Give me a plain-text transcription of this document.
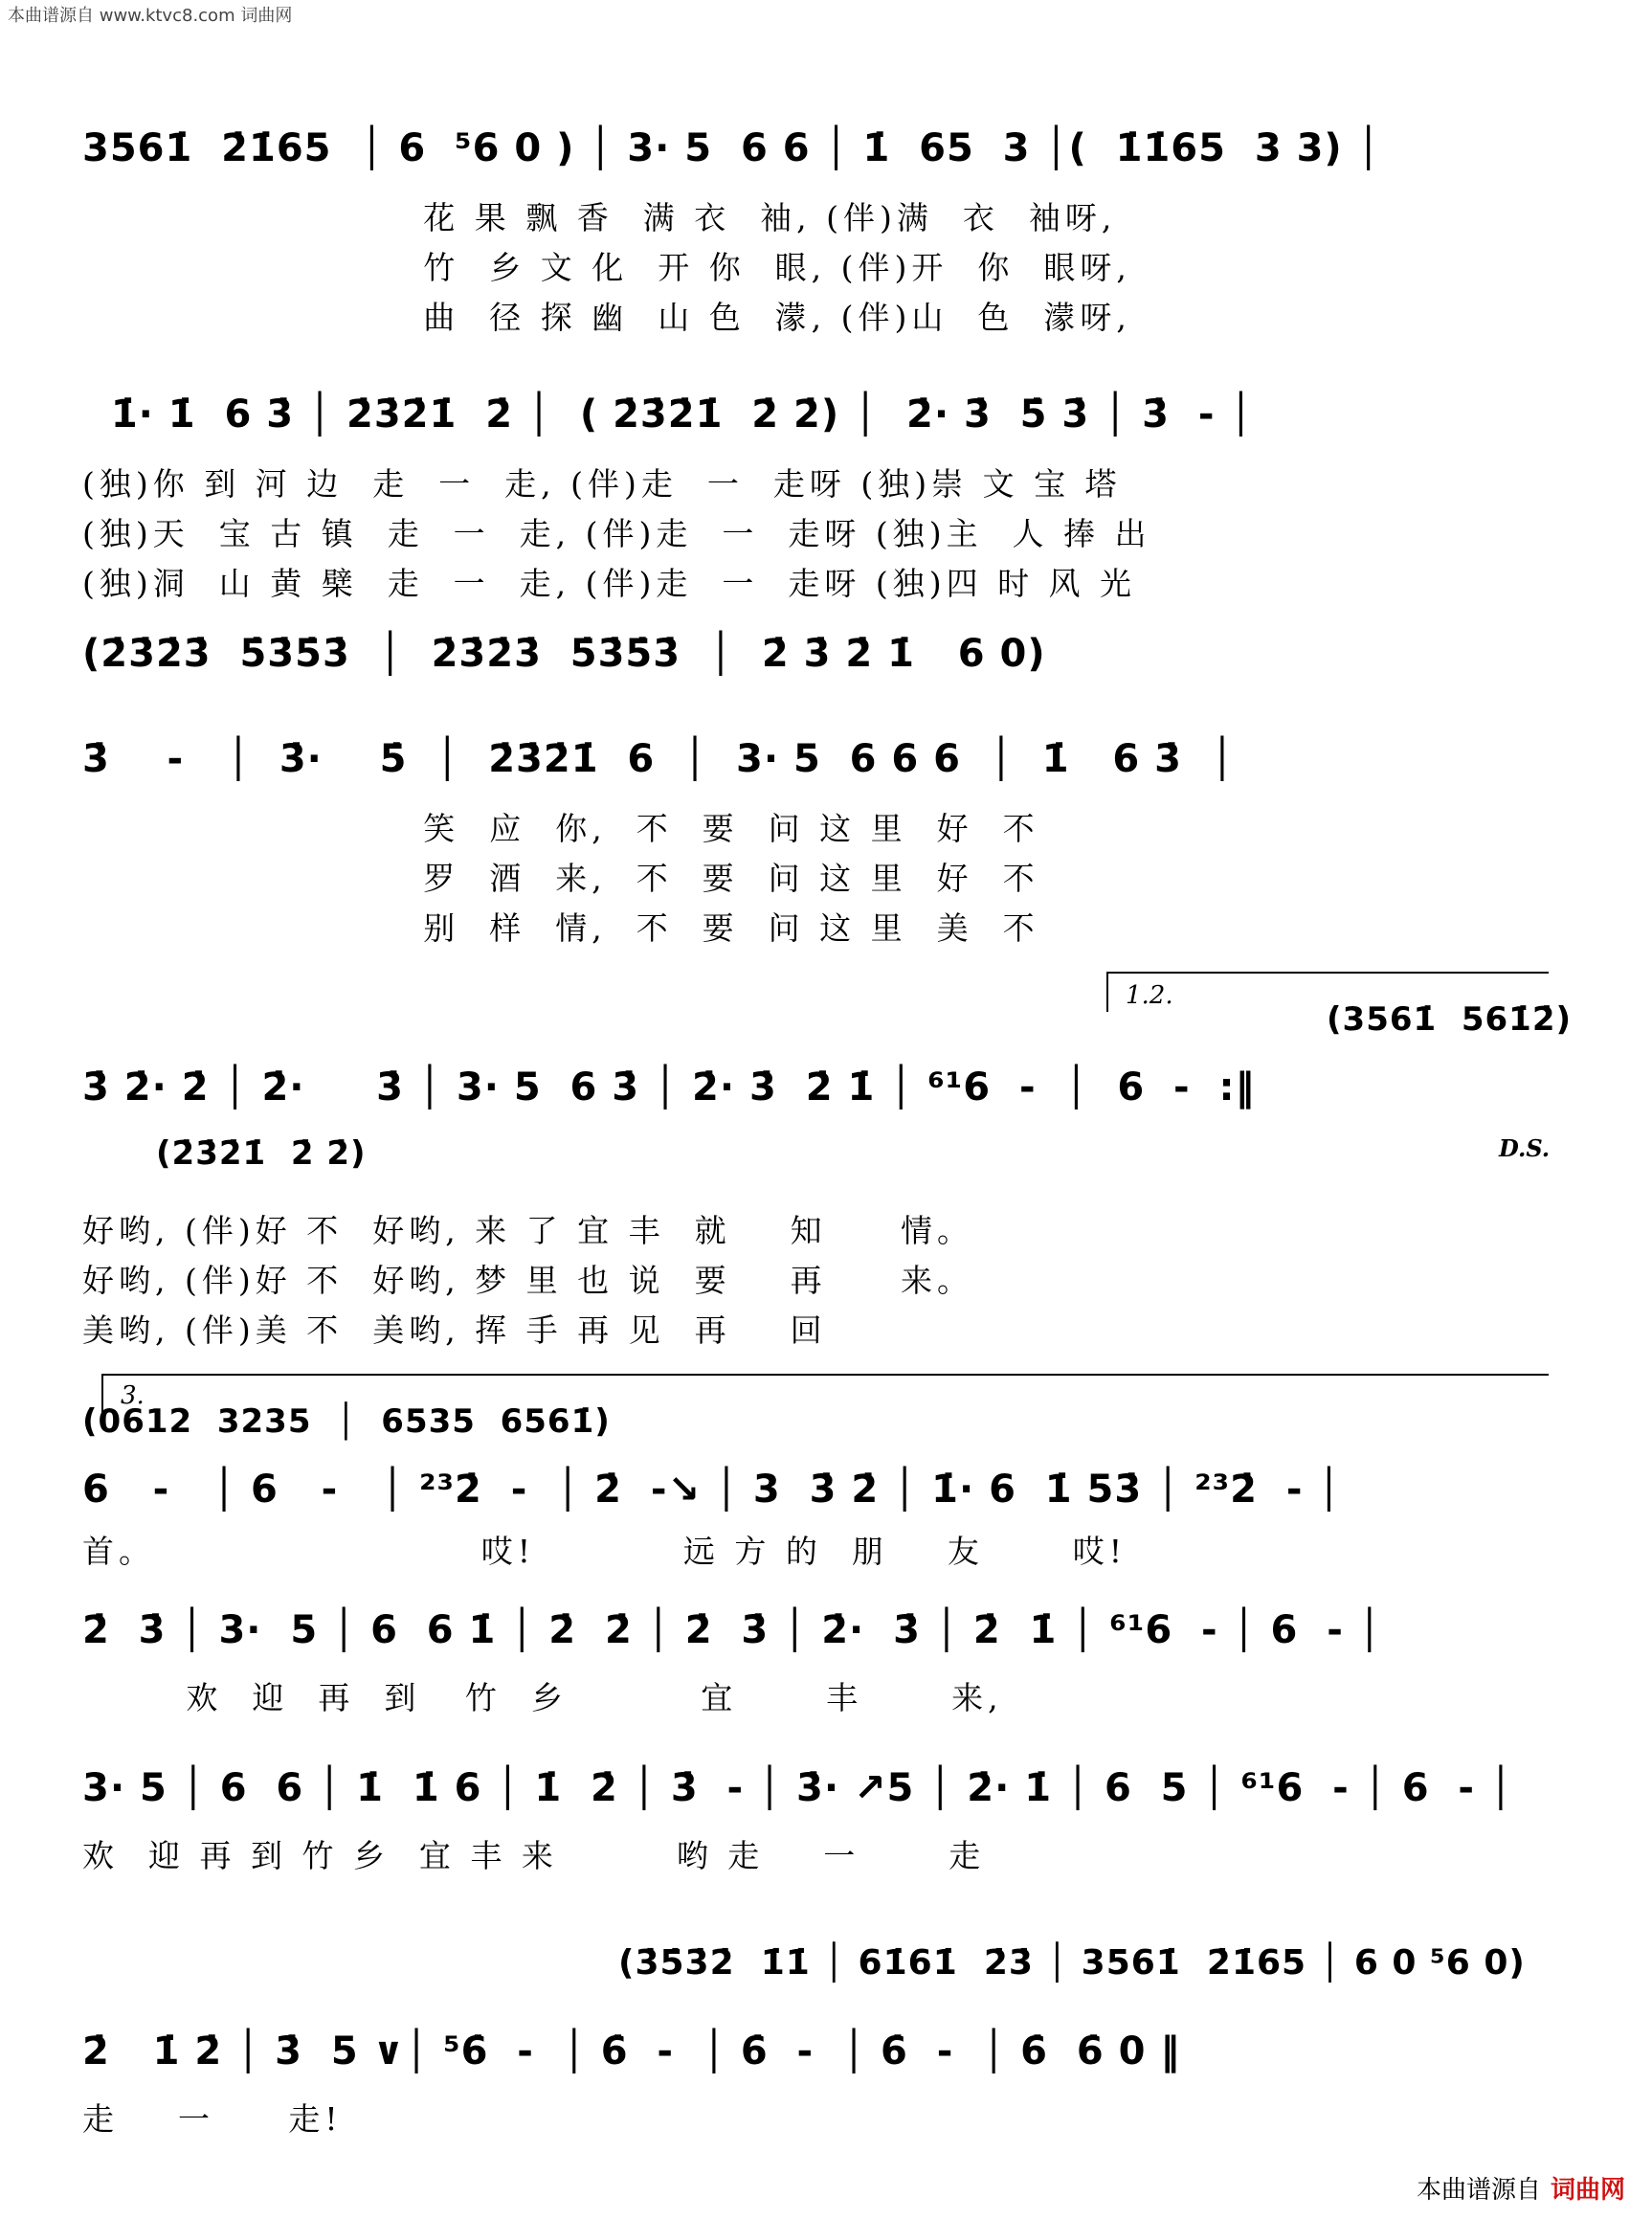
本曲谱源自 www.ktvc8.com 词曲网
3561̇  2̇1̇65  │ 6  ⁵6 0 ) │ 3· 5  6 6 │ 1̇  65  3 │(  1̇1̇65  3 3) │
花 果 飘 香  满 衣  袖, (伴)满  衣  袖呀,
竹  乡 文 化  开 你  眼, (伴)开  你  眼呀,
曲  径 探 幽  山 色  濛, (伴)山  色  濛呀,
1̇· 1̇  6 3̇ │ 2̇3̇2̇1̇  2̇ │  ( 2̇3̇2̇1̇  2̇ 2̇) │  2̇· 3̇  5̇ 3̇ │ 3̇  - │
(独)你 到 河 边  走  一  走, (伴)走  一  走呀 (独)崇 文 宝 塔
(独)天  宝 古 镇  走  一  走, (伴)走  一  走呀 (独)主  人 捧 出
(独)洞  山 黄 檗  走  一  走, (伴)走  一  走呀 (独)四 时 风 光
(2̇3̇2̇3̇  5̇3̇5̇3̇  │  2̇3̇2̇3̇  5̇3̇5̇3̇  │  2̇ 3̇ 2̇ 1̇   6 0)
3̇    -   │  3̇·    5̇  │  2̇3̇2̇1̇  6  │  3· 5  6 6 6  │  1̇   6 3̇  │
笑  应  你,  不  要  问 这 里  好  不
罗  酒  来,  不  要  问 这 里  好  不
别  样  情,  不  要  问 这 里  美  不
1.2.
(3561̇  561̇2̇)
3̇ 2̇· 2̇ │ 2̇·     3̇ │ 3· 5  6 3̇ │ 2̇· 3̇  2̇ 1̇ │ ⁶¹6  -  │  6  -  :‖
D.S.
(2̇3̇2̇1̇  2̇ 2̇)
好哟, (伴)好 不  好哟, 来 了 宜 丰  就    知     情。
好哟, (伴)好 不  好哟, 梦 里 也 说  要    再     来。
美哟, (伴)美 不  美哟, 挥 手 再 见  再    回
3.
(0612  3235  │  6535  6561̇)
6   -   │ 6   -   │ ²³2̇  -  │ 2̇  -↘ │ 3  3̇ 2̇ │ 1̇· 6  1̇ 53̇ │ ²³2̇  - │
首。                      哎!          远 方 的  朋    友      哎!
2̇  3̇ │ 3·  5 │ 6  6 1̇ │ 2̇  2̇ │ 2̇  3̇ │ 2̇·  3̇ │ 2̇  1̇ │ ⁶¹6  - │ 6  - │
欢  迎  再  到   竹  乡         宜      丰      来,
3· 5 │ 6  6 │ 1̇  1̇ 6 │ 1̇  2̇ │ 3̇  - │ 3̇· ↗5 │ 2̇· 1̇ │ 6  5 │ ⁶¹6  - │ 6  - │
欢  迎 再 到 竹 乡  宜 丰 来        哟 走    一      走
(3̇5̇3̇2̇  1̇1̇ │ 61̇61̇  2̇3̇ │ 3561̇  2̇1̇65 │ 6 0 ⁵6 0)
2̇   1̇ 2̇ │ 3̇  5 ∨│ ⁵6̇  -  │ 6̇  -  │ 6̇  -  │ 6̇  -  │ 6̇  6̇ 0 ‖
走    一     走!
本曲谱源自 词曲网
